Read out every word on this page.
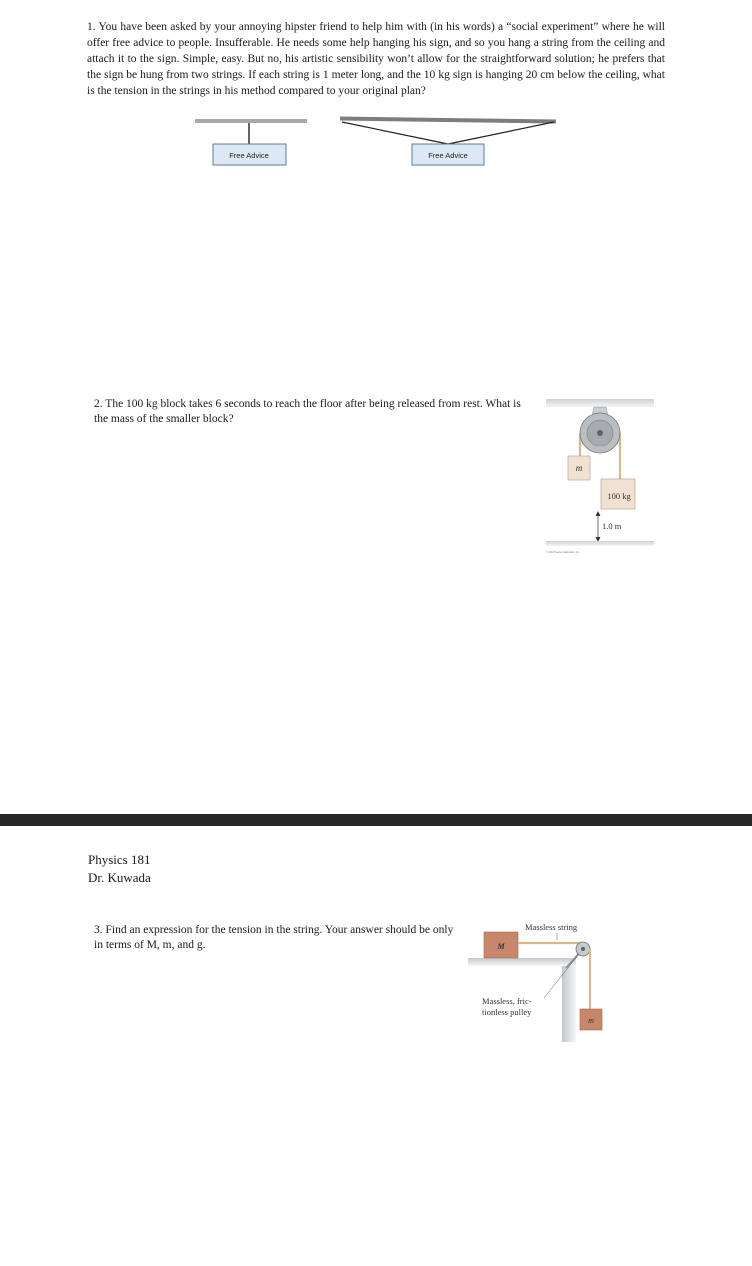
1. You have been asked by your annoying hipster friend to help him with (in his words) a “social experiment” where he will offer free advice to people. Insufferable. He needs some help hanging his sign, and so you hang a string from the ceiling and attach it to the sign. Simple, easy. But no, his artistic sensibility won’t allow for the straightforward solution; he prefers that the sign be hung from two strings. If each string is 1 meter long, and the 10 kg sign is hanging 20 cm below the ceiling, what is the tension in the strings in his method compared to your original plan?

Free Advice	Free Advice

2. The 100 kg block takes 6 seconds to reach the floor after being released from rest. What is the mass of the smaller block?

m
100 kg
1.0 m
© 2013 Pearson Education, Inc.
Physics 181
Dr. Kuwada

3. Find an expression for the tension in the string. Your answer should be only in terms of M, m, and g.	M
m
Massless string
Massless, fric-
tionless pulley
